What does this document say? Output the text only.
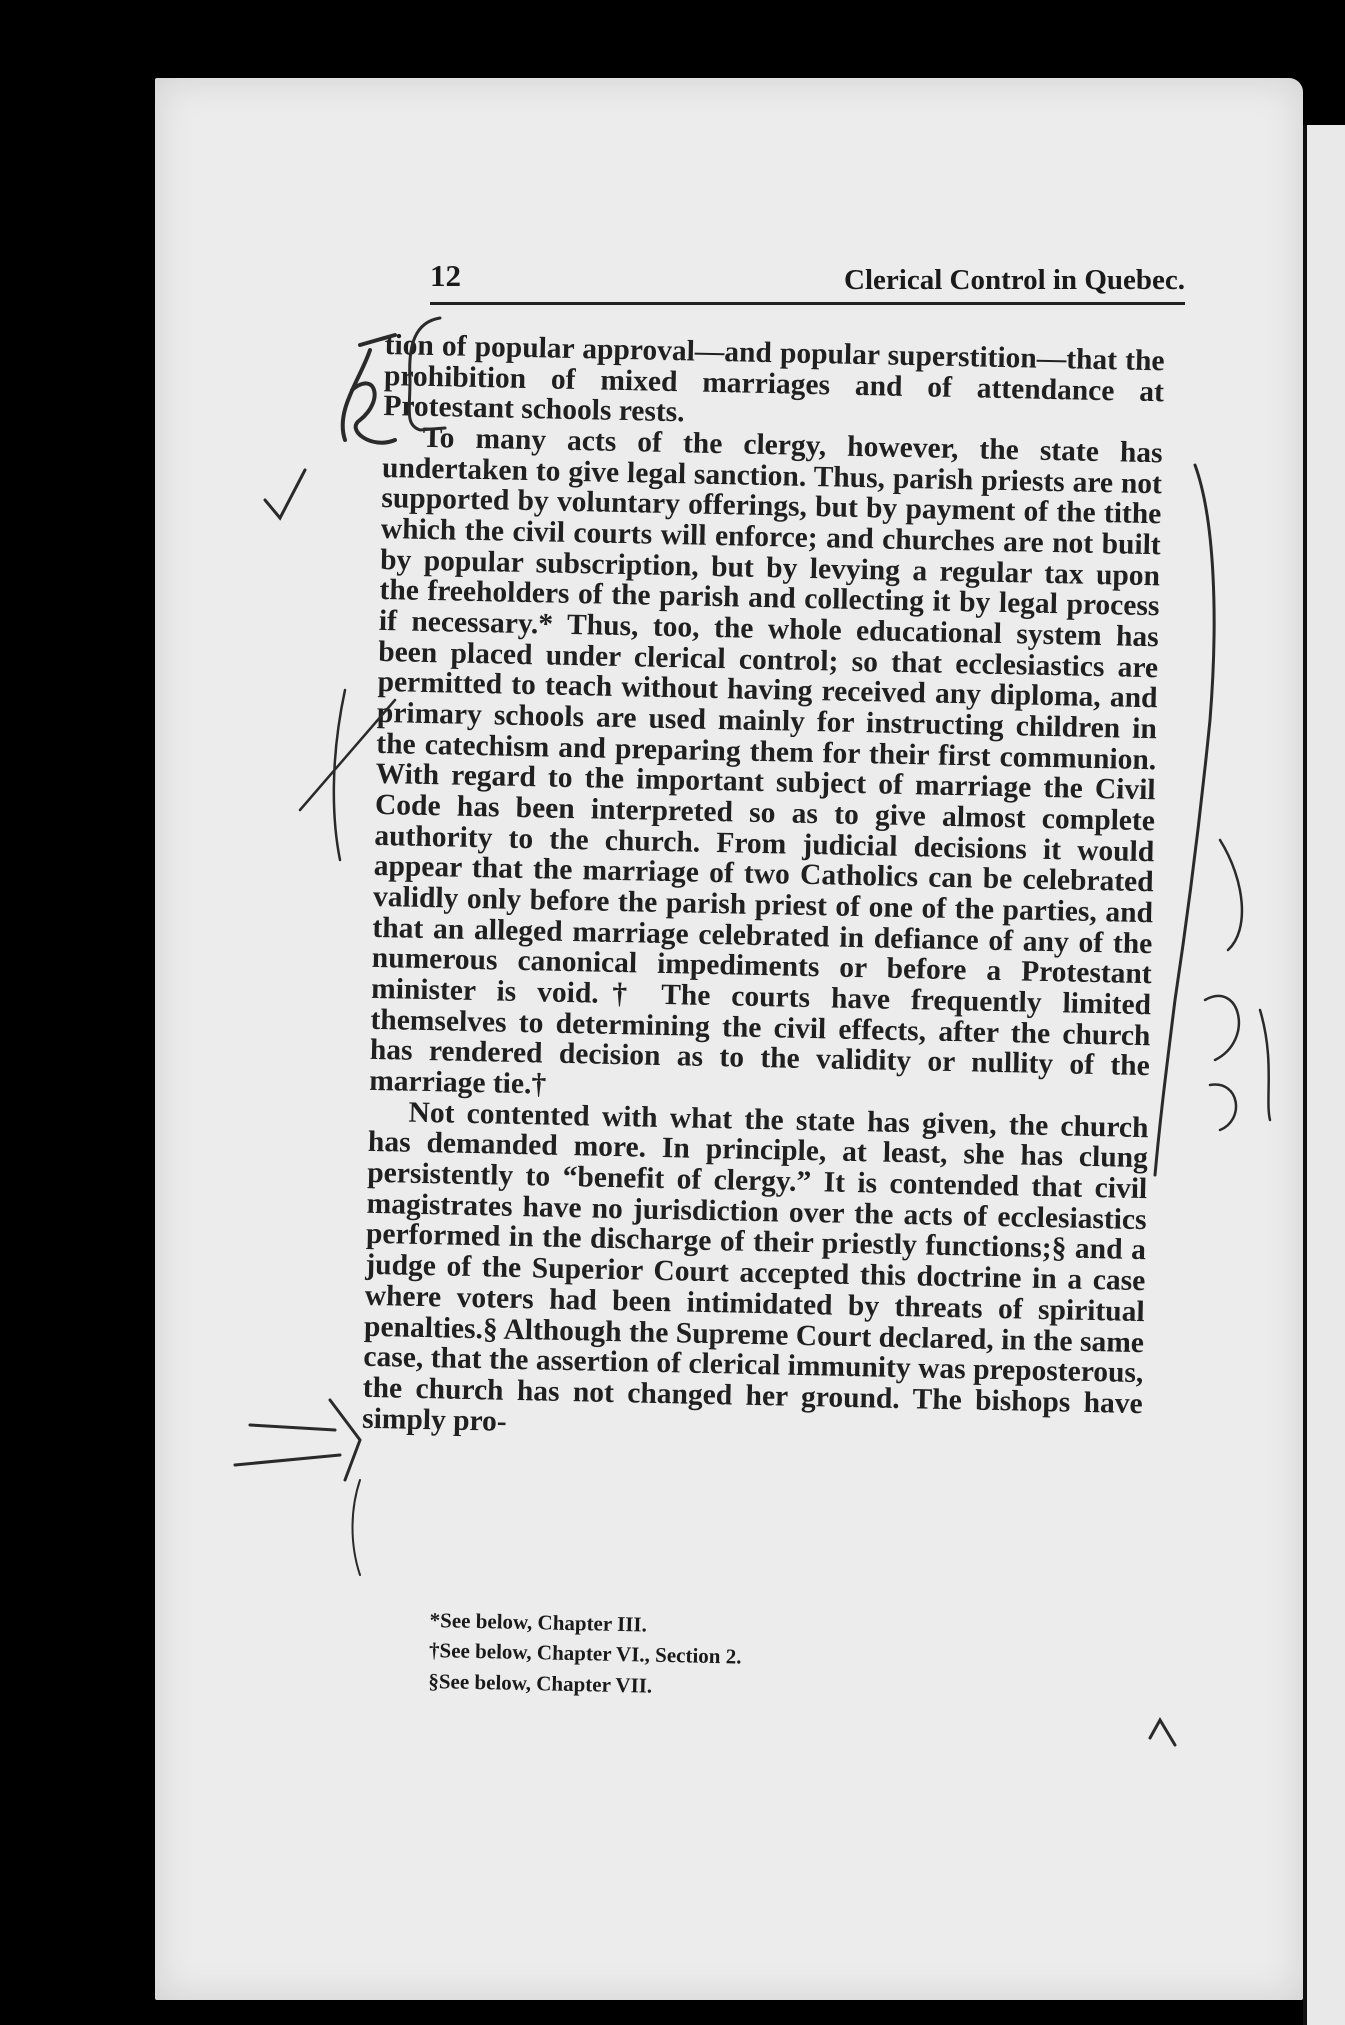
12	Clerical Control in Quebec.

tion of popular approval—and popular superstition—that the prohibition of mixed marriages and of attendance at Protestant schools rests.

To many acts of the clergy, however, the state has undertaken to give legal sanction. Thus, parish priests are not supported by voluntary offerings, but by payment of the tithe which the civil courts will enforce; and churches are not built by popular subscription, but by levying a regular tax upon the freeholders of the parish and collecting it by legal process if necessary.* Thus, too, the whole educational system has been placed under clerical control; so that ecclesiastics are permitted to teach without having received any diploma, and primary schools are used mainly for instructing children in the catechism and preparing them for their first communion. With regard to the important subject of marriage the Civil Code has been interpreted so as to give almost complete authority to the church. From judicial decisions it would appear that the marriage of two Catholics can be celebrated validly only before the parish priest of one of the parties, and that an alleged marriage celebrated in defiance of any of the numerous canonical impediments or before a Protestant minister is void.† The courts have frequently limited themselves to determining the civil effects, after the church has rendered decision as to the validity or nullity of the marriage tie.†

Not contented with what the state has given, the church has demanded more. In principle, at least, she has clung persistently to “benefit of clergy.” It is contended that civil magistrates have no jurisdiction over the acts of ecclesiastics performed in the discharge of their priestly functions;§ and a judge of the Superior Court accepted this doctrine in a case where voters had been intimidated by threats of spiritual penalties.§ Although the Supreme Court declared, in the same case, that the assertion of clerical immunity was preposterous, the church has not changed her ground. The bishops have simply pro-

*See below, Chapter III.
†See below, Chapter VI., Section 2.
§See below, Chapter VII.
